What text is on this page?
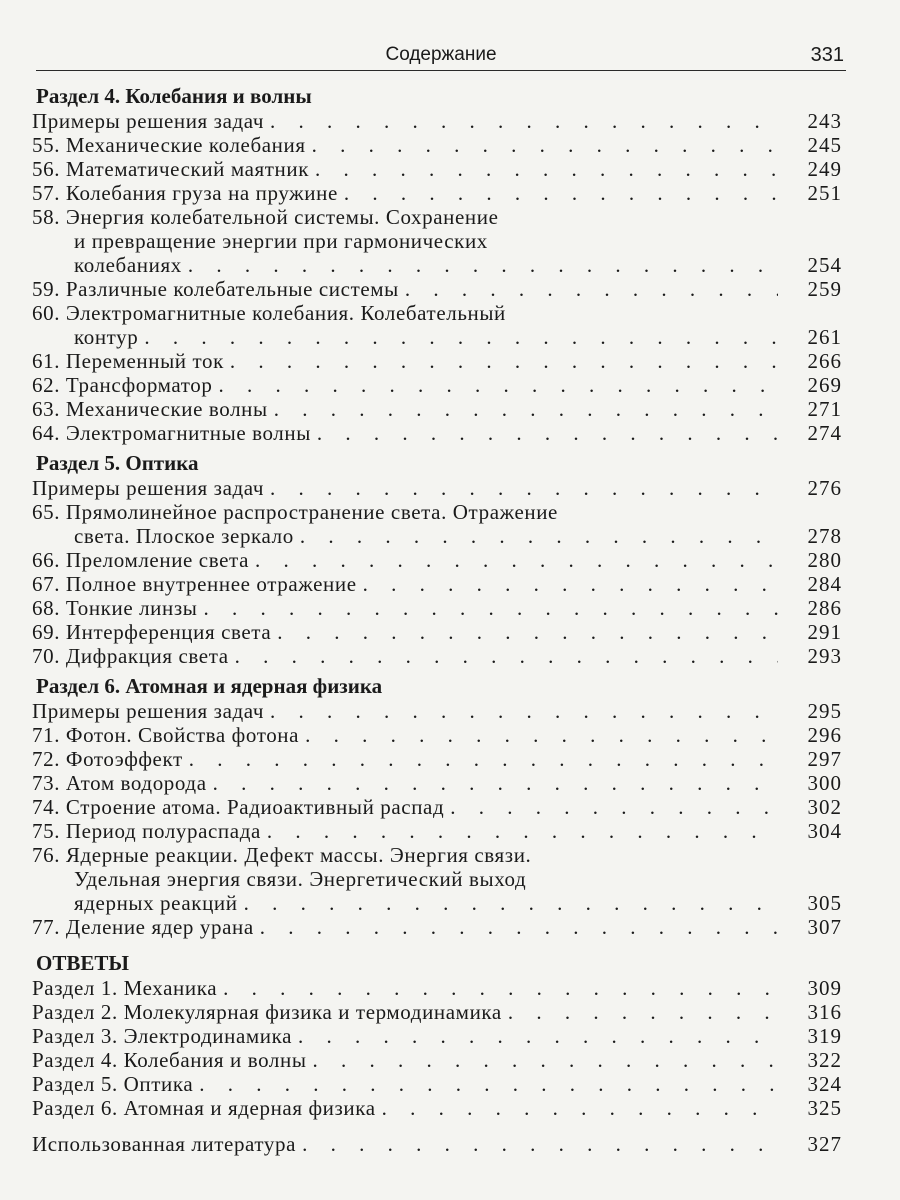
Содержание	331
Раздел 4. Колебания и волны
Примеры решения задач . . .	243
55. Механические колебания . . .	245
56. Математический маятник . . .	249
57. Колебания груза на пружине . . .	251
58. Энергия колебательной системы. Сохранение
и превращение энергии при гармонических
колебаниях . . .	254
59. Различные колебательные системы . . .	259
60. Электромагнитные колебания. Колебательный
контур . . .	261
61. Переменный ток . . .	266
62. Трансформатор . . .	269
63. Механические волны . . .	271
64. Электромагнитные волны . . .	274
Раздел 5. Оптика
Примеры решения задач . . .	276
65. Прямолинейное распространение света. Отражение
света. Плоское зеркало . . .	278
66. Преломление света . . .	280
67. Полное внутреннее отражение . . .	284
68. Тонкие линзы . . .	286
69. Интерференция света . . .	291
70. Дифракция света . . .	293
Раздел 6. Атомная и ядерная физика
Примеры решения задач . . .	295
71. Фотон. Свойства фотона . . .	296
72. Фотоэффект . . .	297
73. Атом водорода . . .	300
74. Строение атома. Радиоактивный распад . . .	302
75. Период полураспада . . .	304
76. Ядерные реакции. Дефект массы. Энергия связи.
Удельная энергия связи. Энергетический выход
ядерных реакций . . .	305
77. Деление ядер урана . . .	307
ОТВЕТЫ
Раздел 1. Механика . . .	309
Раздел 2. Молекулярная физика и термодинамика . . .	316
Раздел 3. Электродинамика . . .	319
Раздел 4. Колебания и волны . . .	322
Раздел 5. Оптика . . .	324
Раздел 6. Атомная и ядерная физика . . .	325
Использованная литература . . .	327
